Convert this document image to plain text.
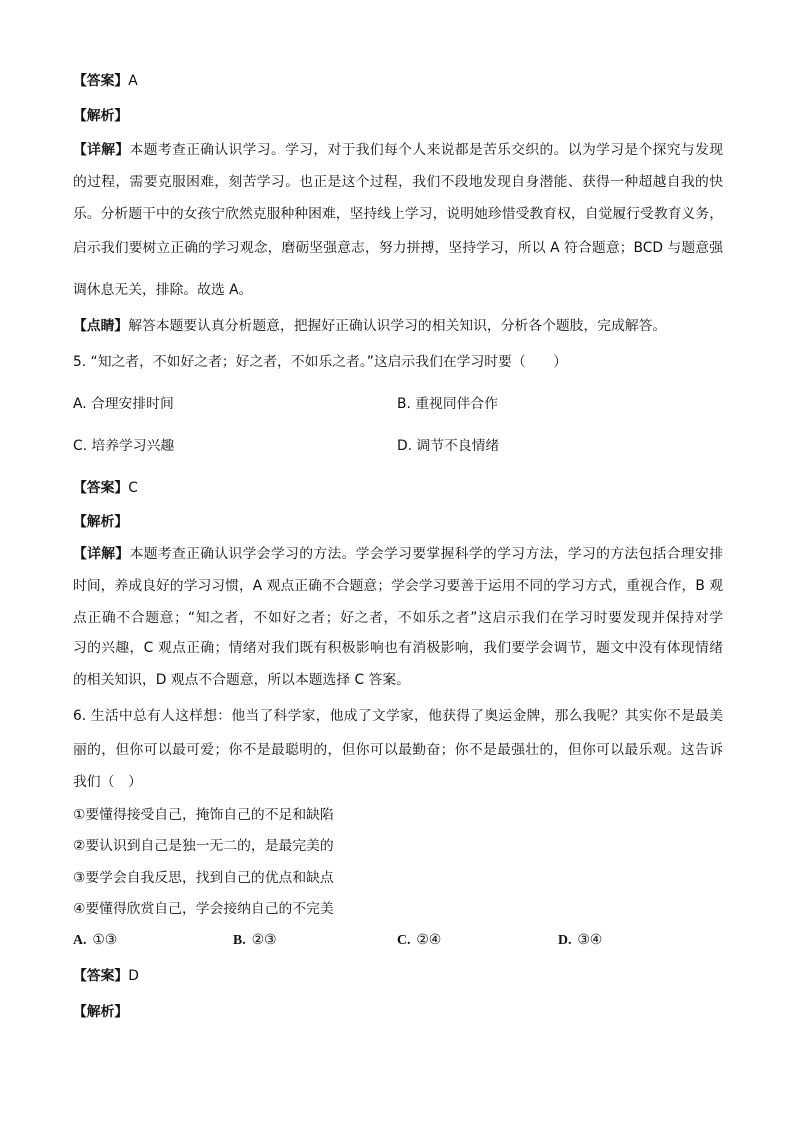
【答案】A
【解析】
【详解】本题考查正确认识学习。学习，对于我们每个人来说都是苦乐交织的。以为学习是个探究与发现
的过程，需要克服困难，刻苦学习。也正是这个过程，我们不段地发现自身潜能、获得一种超越自我的快
乐。分析题干中的女孩宁欣然克服种种困难，坚持线上学习，说明她珍惜受教育权，自觉履行受教育义务，
启示我们要树立正确的学习观念，磨砺坚强意志，努力拼搏，坚持学习，所以 A 符合题意；BCD 与题意强
调休息无关，排除。故选 A。
【点睛】解答本题要认真分析题意，把握好正确认识学习的相关知识，分析各个题肢，完成解答。
5. “知之者，不如好之者；好之者，不如乐之者。”这启示我们在学习时要（　　）
A. 合理安排时间	B. 重视同伴合作
C. 培养学习兴趣	D. 调节不良情绪
【答案】C
【解析】
【详解】本题考查正确认识学会学习的方法。学会学习要掌握科学的学习方法，学习的方法包括合理安排
时间，养成良好的学习习惯，A 观点正确不合题意；学会学习要善于运用不同的学习方式，重视合作，B 观
点正确不合题意；“知之者，不如好之者；好之者，不如乐之者”这启示我们在学习时要发现并保持对学
习的兴趣，C 观点正确；情绪对我们既有积极影响也有消极影响，我们要学会调节，题文中没有体现情绪
的相关知识，D 观点不合题意，所以本题选择 C 答案。
6. 生活中总有人这样想：他当了科学家，他成了文学家，他获得了奥运金牌，那么我呢？其实你不是最美
丽的，但你可以最可爱；你不是最聪明的，但你可以最勤奋；你不是最强壮的，但你可以最乐观。这告诉
我们（　）
①要懂得接受自己，掩饰自己的不足和缺陷
②要认识到自己是独一无二的，是最完美的
③要学会自我反思，找到自己的优点和缺点
④要懂得欣赏自己，学会接纳自己的不完美
A. ①③	B. ②③	C. ②④	D. ③④
【答案】D
【解析】
